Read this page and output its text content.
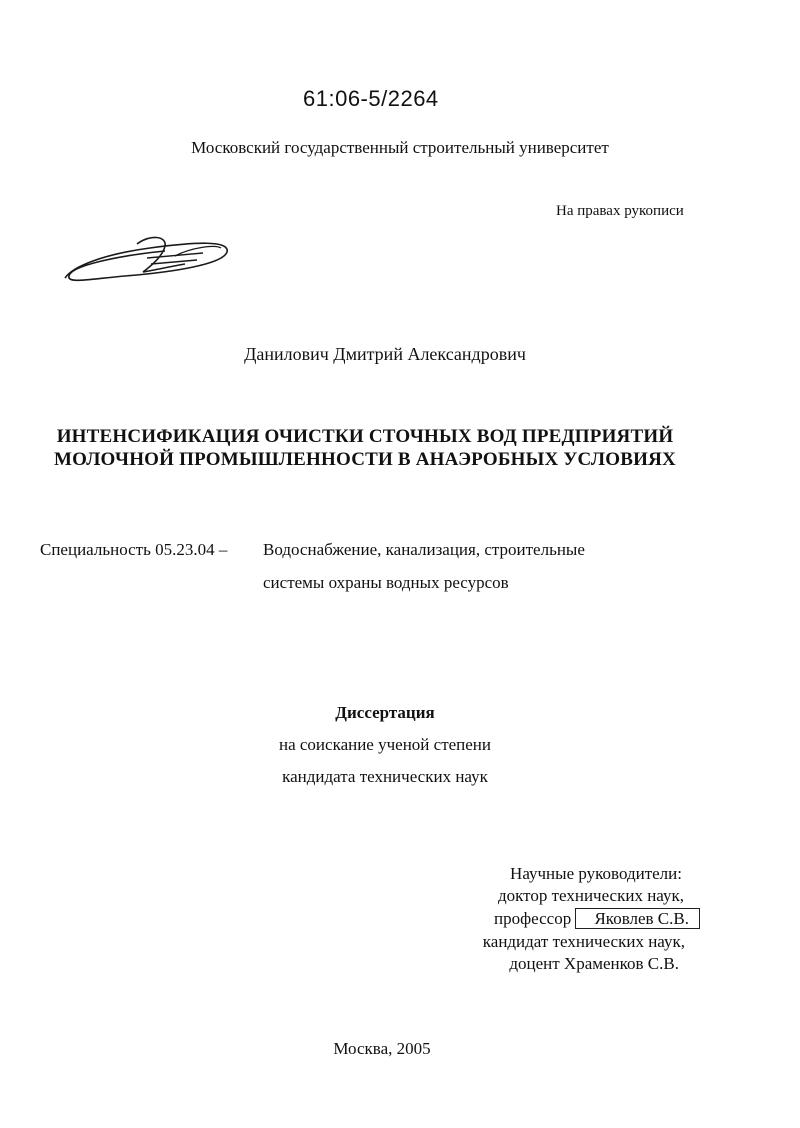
61:06-5/2264
Московский государственный строительный университет
На правах рукописи
Данилович Дмитрий Александрович
ИНТЕНСИФИКАЦИЯ ОЧИСТКИ СТОЧНЫХ ВОД ПРЕДПРИЯТИЙ
МОЛОЧНОЙ ПРОМЫШЛЕННОСТИ В АНАЭРОБНЫХ УСЛОВИЯХ
Специальность 05.23.04 – Водоснабжение, канализация, строительные
системы охраны водных ресурсов
Диссертация
на соискание ученой степени
кандидата технических наук
Научные руководители:
доктор технических наук,
профессор Яковлев С.В.
кандидат технических наук,
доцент Храменков С.В.
Москва, 2005
